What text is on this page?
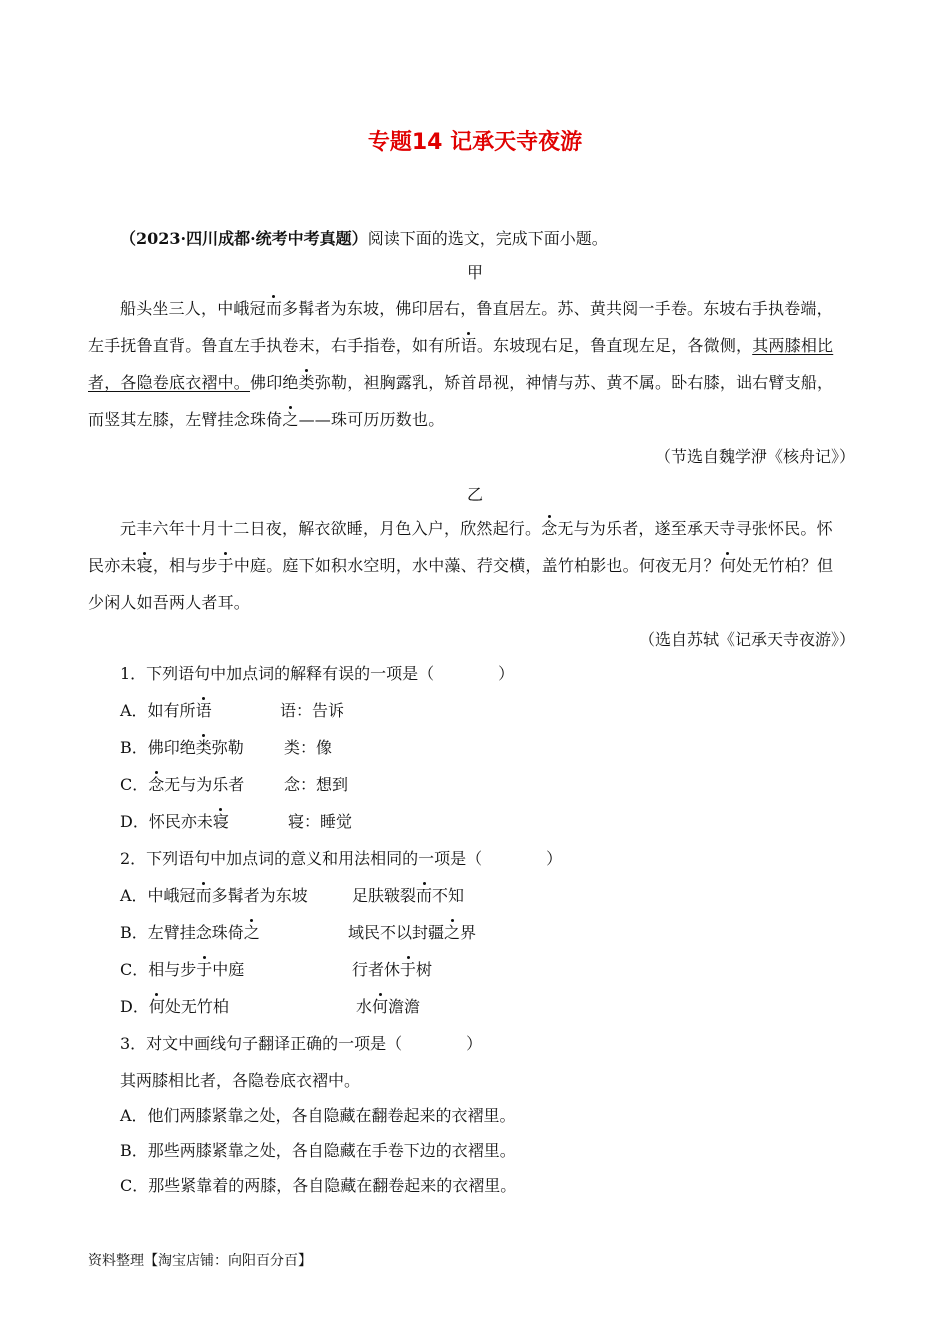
专题14 记承天寺夜游
（2023·四川成都·统考中考真题）阅读下面的选文，完成下面小题。
甲
船头坐三人，中峨冠而多髯者为东坡，佛印居右，鲁直居左。苏、黄共阅一手卷。东坡右手执卷端，
左手抚鲁直背。鲁直左手执卷末，右手指卷，如有所语。东坡现右足，鲁直现左足，各微侧，其两膝相比
者，各隐卷底衣褶中。佛印绝类弥勒，袒胸露乳，矫首昂视，神情与苏、黄不属。卧右膝，诎右臂支船，
而竖其左膝，左臂挂念珠倚之——珠可历历数也。
（节选自魏学洢《核舟记》）
乙
元丰六年十月十二日夜，解衣欲睡，月色入户，欣然起行。念无与为乐者，遂至承天寺寻张怀民。怀
民亦未寝，相与步于中庭。庭下如积水空明，水中藻、荇交横，盖竹柏影也。何夜无月？何处无竹柏？但
少闲人如吾两人者耳。
（选自苏轼《记承天寺夜游》）
1．下列语句中加点词的解释有误的一项是（　　　　）
A．如有所语	语：告诉
B．佛印绝类弥勒	类：像
C．念无与为乐者 念：想到
D．怀民亦未寝	寝：睡觉
2．下列语句中加点词的意义和用法相同的一项是（　　　　）
A．中峨冠而多髯者为东坡	足肤皲裂而不知
B．左臂挂念珠倚之	域民不以封疆之界
C．相与步于中庭	行者休于树
D．何处无竹柏	水何澹澹
3．对文中画线句子翻译正确的一项是（　　　　）
其两膝相比者，各隐卷底衣褶中。
A．他们两膝紧靠之处，各自隐藏在翻卷起来的衣褶里。
B．那些两膝紧靠之处，各自隐藏在手卷下边的衣褶里。
C．那些紧靠着的两膝，各自隐藏在翻卷起来的衣褶里。
资料整理【淘宝店铺：向阳百分百】
